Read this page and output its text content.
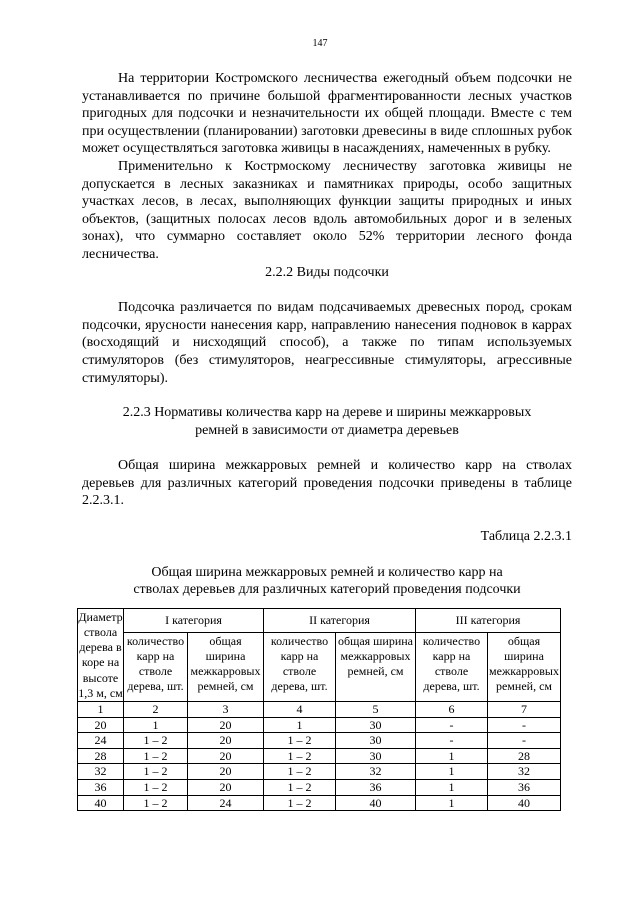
147

На территории Костромского лесничества ежегодный объем подсочки не устанавливается по причине большой фрагментированности лесных участков пригодных для подсочки и незначительности их общей площади. Вместе с тем при осуществлении (планировании) заготовки древесины в виде сплошных рубок может осуществляться заготовка живицы в насаждениях, намеченных в рубку.

Применительно к Кострмоскому лесничеству заготовка живицы не допускается в лесных заказниках и памятниках природы, особо защитных участках лесов, в лесах, выполняющих функции защиты природных и иных объектов, (защитных полосах лесов вдоль автомобильных дорог и в зеленых зонах), что суммарно составляет около 52% территории лесного фонда лесничества.

2.2.2 Виды подсочки

Подсочка различается по видам подсачиваемых древесных пород, срокам подсочки, ярусности нанесения карр, направлению нанесения подновок в каррах (восходящий и нисходящий способ), а также по типам используемых стимуляторов (без стимуляторов, неагрессивные стимуляторы, агрессивные стимуляторы).

2.2.3 Нормативы количества карр на дереве и ширины межкарровых

ремней в зависимости от диаметра деревьев

Общая ширина межкарровых ремней и количество карр на стволах деревьев для различных категорий проведения подсочки приведены в таблице 2.2.3.1.

Таблица 2.2.3.1

Общая ширина межкарровых ремней и количество карр на

стволах деревьев для различных категорий проведения подсочки

Диаметр ствола дерева в коре на высоте 1,3 м, см	I категория		II категория		III категория	
	количество карр на стволе дерева, шт.	общая ширина межкарровых ремней, см	количество карр на стволе дерева, шт.	общая ширина межкарровых ремней, см	количество карр на стволе дерева, шт.	общая ширина межкарровых ремней, см
1	2	3	4	5	6	7
20	1	20	1	30	-	-
24	1 – 2	20	1 – 2	30	-	-
28	1 – 2	20	1 – 2	30	1	28
32	1 – 2	20	1 – 2	32	1	32
36	1 – 2	20	1 – 2	36	1	36
40	1 – 2	24	1 – 2	40	1	40
